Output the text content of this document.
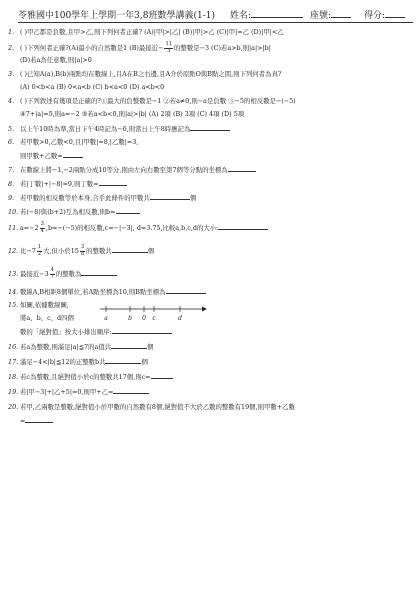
苓雅國中100學年上學期一年3,8班數學講義(1-1) 姓名:	座號:	得分:
1. ( )甲乙都是負數,且甲>乙,則下列何者正確? (A)|甲|>|乙| (B)|甲|>乙 (C)|甲|=乙 (D)|甲|<乙
2. ( )下列何者正確?(A)最小的自然數是1 (B)最接近− $\frac{11}{3}$ 的整數是−3 (C)若a>b,則|a|>|b|
(D)若a為任意數,則|a|>0
3. ( )已知A(a),B(b)兩點均在數線上,且A在B之右邊,且A介於原點O與B點之間,則下列何者為真?
(A) 0<b<a (B) 0<a<b (C) b<a<0 (D) a<b<0
4. ( )下列敘述有幾項是正確的?①最大的負整數是−1 ②若a≠0,則−a是負數 ③−5的相反數是−(−5)
④7+|a|=5,則a=−2 ⑤若a<b<0,則|a|>|b| (A) 2項 (B) 3項 (C) 4項 (D) 5項
5. 以上午10時為準,當日下午4時記為−6,則當日上午8時應記為
6. 若甲數>0,乙數<0,且|甲數|=8,|乙數|=3,
則甲數+乙數=
7. 在數線上將−1,−2兩點分成10等分,則由左向右數至第7個等分點的坐標為
8. 若|丁數|+|−8|=9,則丁數=
9. 若甲數的相反數等於本身,合乎此條件的甲數共	個
10. 若(−8)與(b+2)互為相反數,則b=
11. $a=-2 \frac{3}{4} ,b=-(-5)$的相反數,c=−|−3|, d=3.75,比較a,b,c,d的大小:
12. 比$-7 \frac{1}{2}$ 大,但小於$15 \frac{3}{8}$ 的整數共	個
13. 最接近$-3 \frac{4}{7}$ 的整數為
14. 數線A,B相距8個單位,若A點坐標為10,則B點坐標為
15. 如圖,依據數線圖,
將a、b、c、d四個
數的「絕對值」按大小排出順序:
a	b 0 c	d
16. 若a為整數,則滿足|a|≦7的a值共	個
17. 滿足−4<|b|≦12的正整數b共	個
18. 若c為整數,且絕對值小於c的整數共17個,則c=
19. 若|甲−3|+|乙+5|=0,則甲+乙=
20. 若甲,乙兩數是整數,絕對值小於甲數的自然數有8個,絕對值不大於乙數的整數有19個,則甲數+乙數
=
